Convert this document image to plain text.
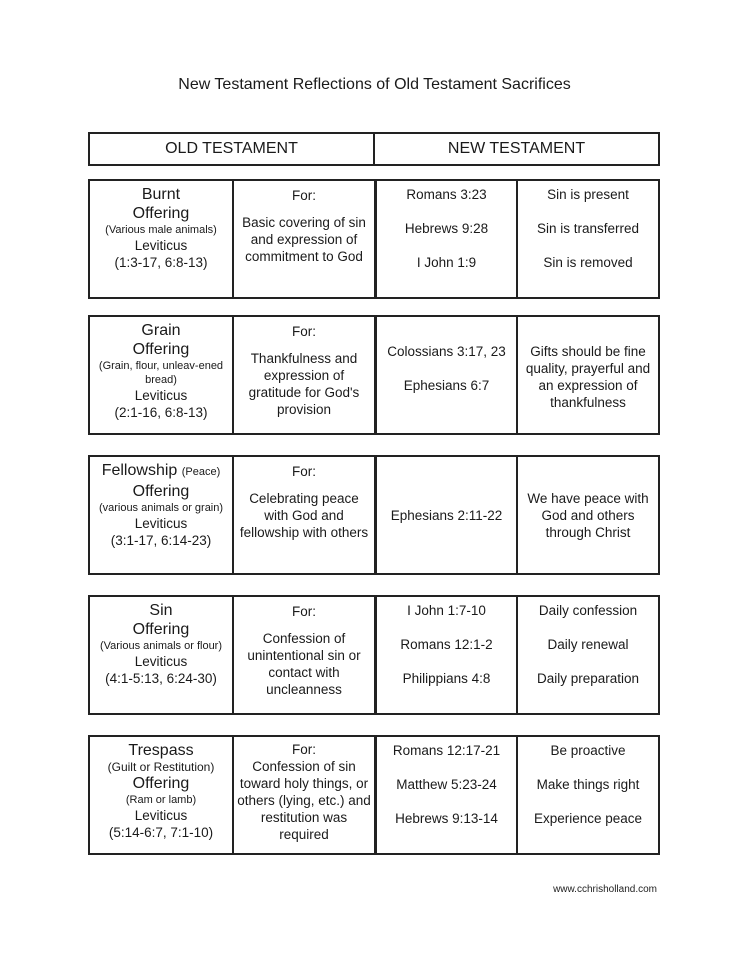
New Testament Reflections of Old Testament Sacrifices
OLD TESTAMENT	NEW TESTAMENT
Burnt
Offering
(Various male animals)
Leviticus
(1:3-17, 6:8-13)
For:
Basic covering of sin and expression of commitment to God
Romans 3:23
Hebrews 9:28
I John 1:9
Sin is present
Sin is transferred
Sin is removed
Grain
Offering
(Grain, flour, unleav-ened bread)
Leviticus
(2:1-16, 6:8-13)
For:
Thankfulness and expression of gratitude for God's provision
Colossians 3:17, 23
Ephesians 6:7
Gifts should be fine quality, prayerful and an expression of thankfulness
Fellowship (Peace)
Offering
(various animals or grain)
Leviticus
(3:1-17, 6:14-23)
For:
Celebrating peace with God and fellowship with others
Ephesians 2:11-22
We have peace with God and others through Christ
Sin
Offering
(Various animals or flour)
Leviticus
(4:1-5:13, 6:24-30)
For:
Confession of unintentional sin or contact with uncleanness
I John 1:7-10
Romans 12:1-2
Philippians 4:8
Daily confession
Daily renewal
Daily preparation
Trespass
(Guilt or Restitution)
Offering
(Ram or lamb)
Leviticus
(5:14-6:7, 7:1-10)
For:
Confession of sin toward holy things, or others (lying, etc.) and restitution was required
Romans 12:17-21
Matthew 5:23-24
Hebrews 9:13-14
Be proactive
Make things right
Experience peace
www.cchrisholland.com
